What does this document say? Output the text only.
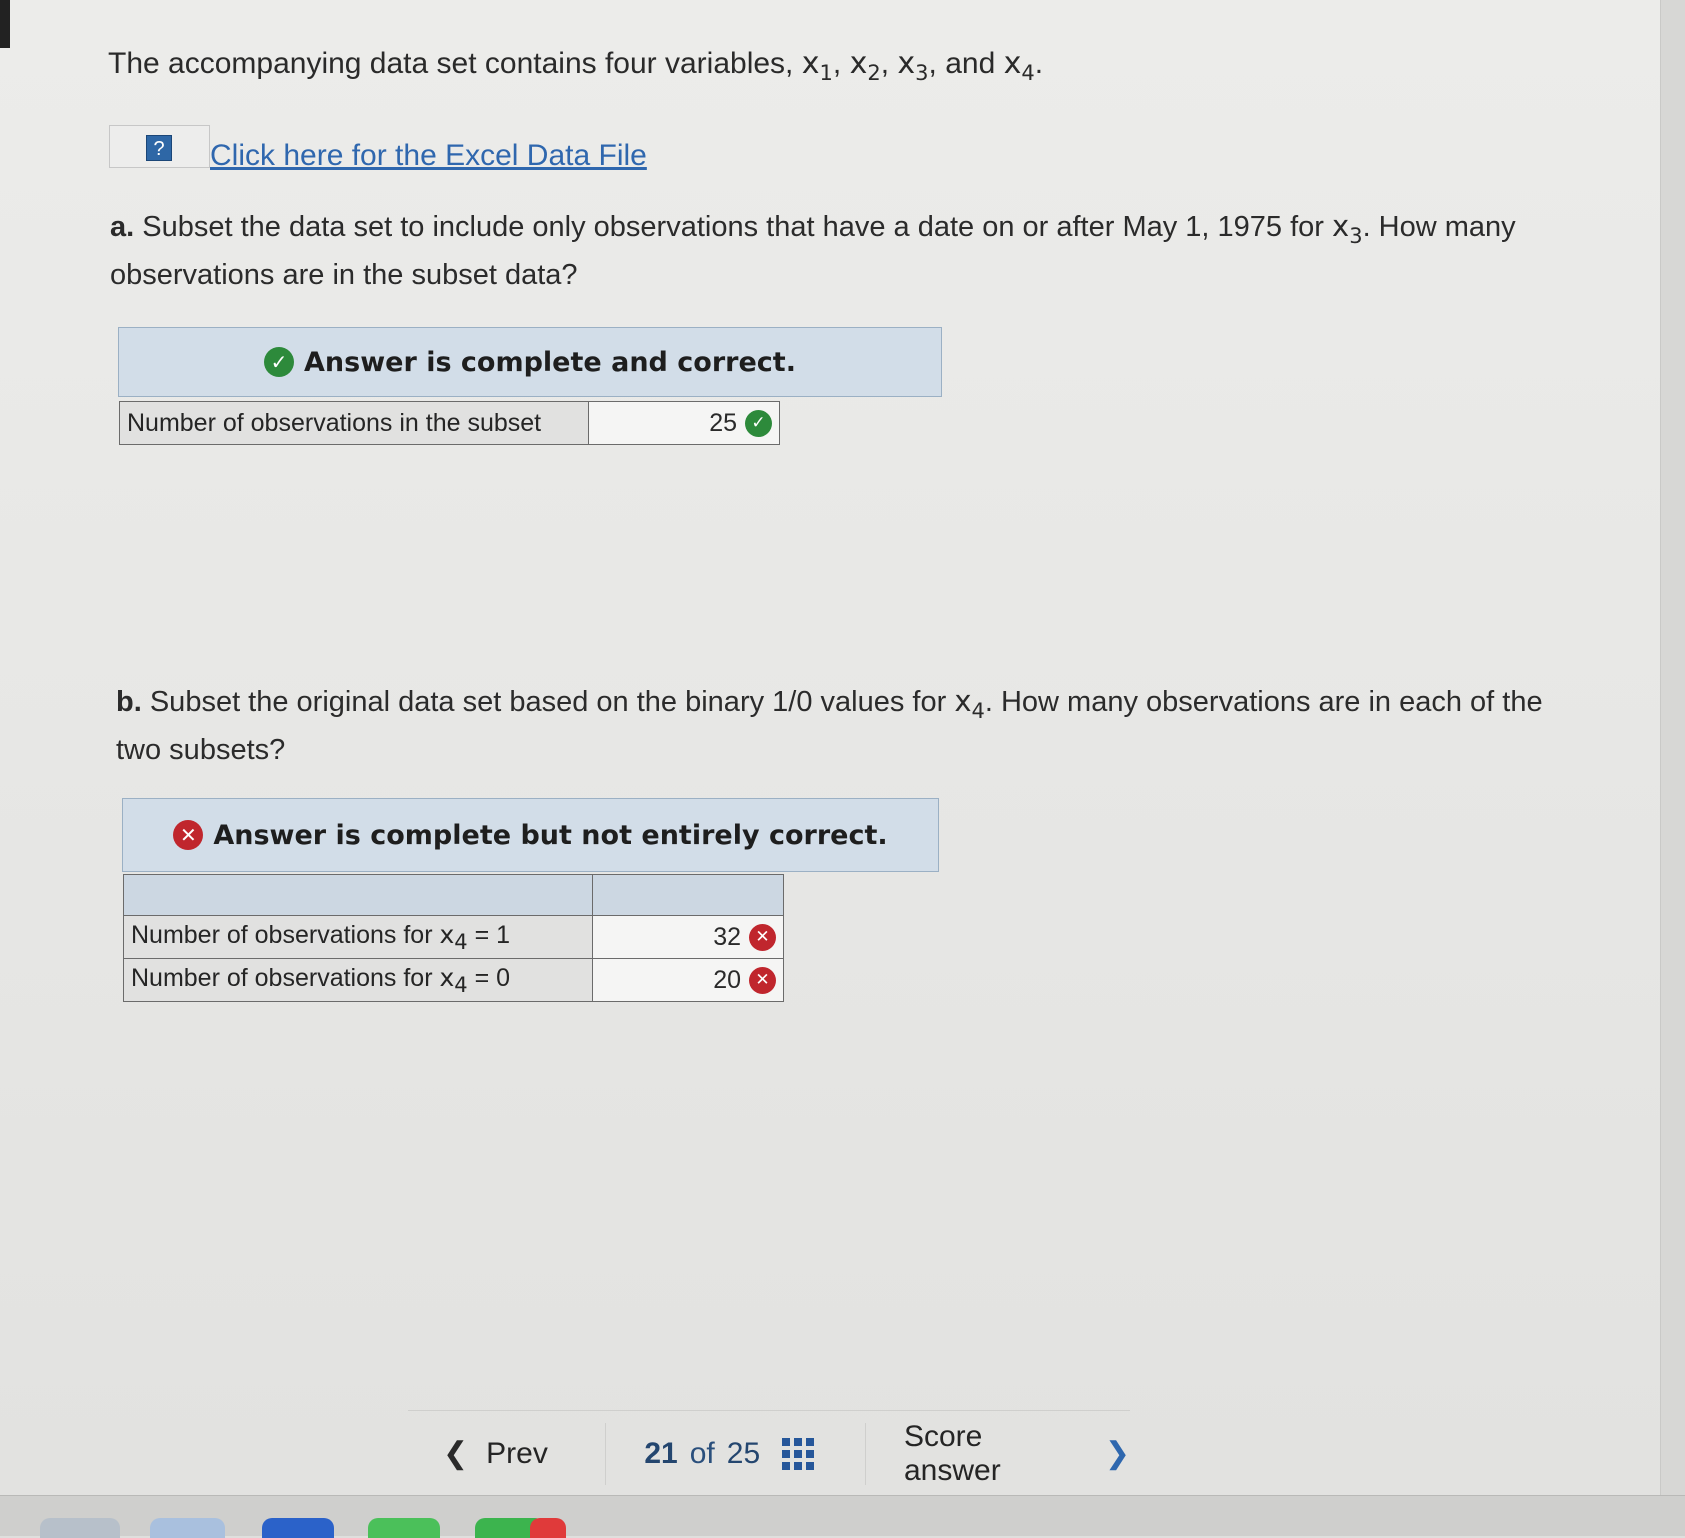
The accompanying data set contains four variables, $x_1$, $x_2$, $x_3$, and $x_4$.
? Click here for the Excel Data File
a. Subset the data set to include only observations that have a date on or after May 1, 1975 for $x_3$. How many observations are in the subset data?
✓ Answer is complete and correct.
Number of observations in the subset	25 ✓
b. Subset the original data set based on the binary 1/0 values for $x_4$. How many observations are in each of the two subsets?
✕ Answer is complete but not entirely correct.

Number of observations for $x_4 = 1$	32 ✕
Number of observations for $x_4 = 0$	20 ✕
❮ Prev	21 of 25
Score answer	❯
